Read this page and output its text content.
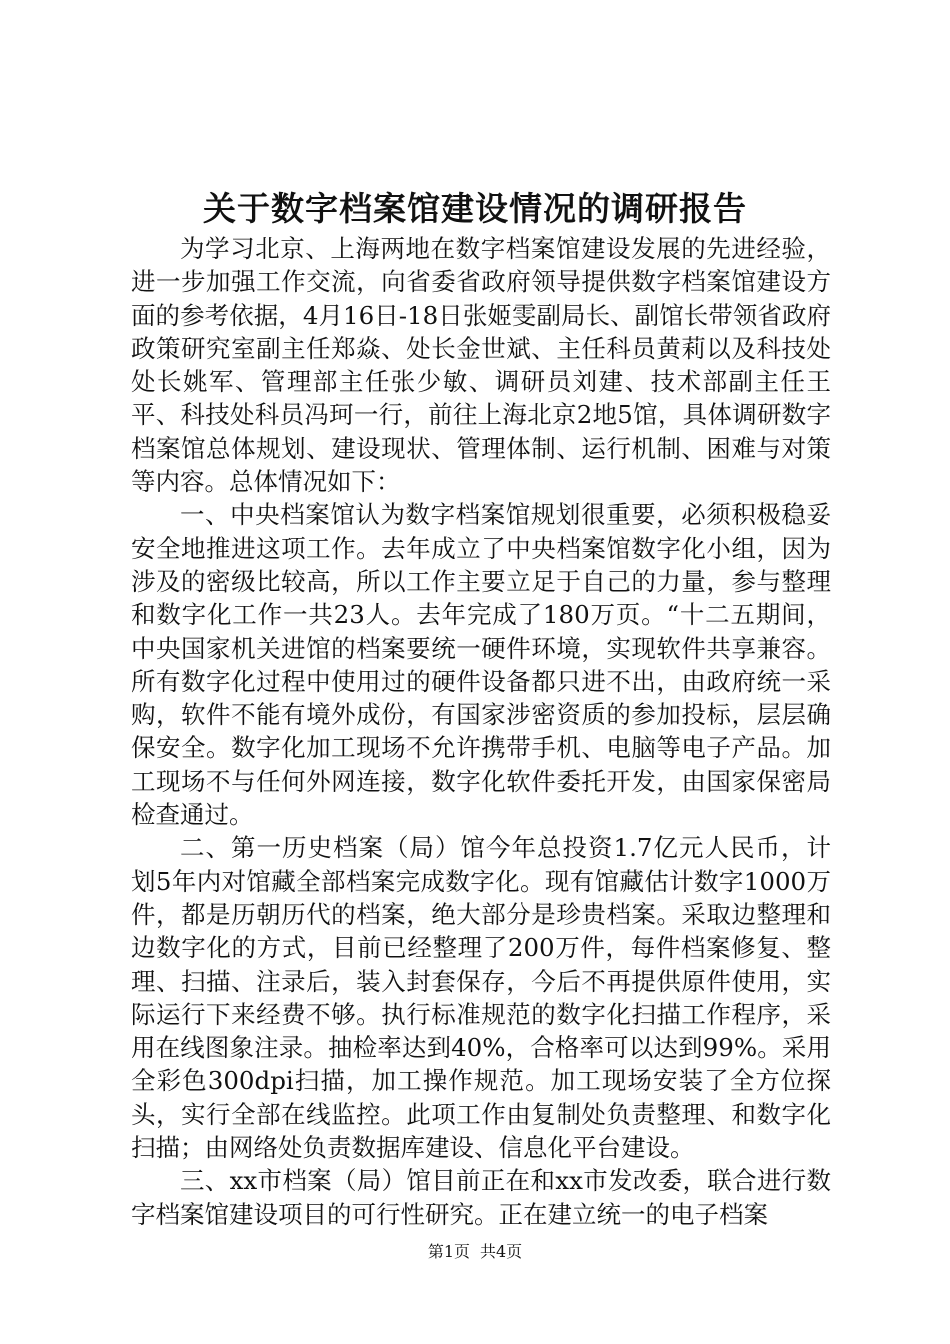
关于数字档案馆建设情况的调研报告

为学习北京、上海两地在数字档案馆建设发展的先进经验，进一步加强工作交流，向省委省政府领导提供数字档案馆建设方面的参考依据，4月16日-18日张姬雯副局长、副馆长带领省政府政策研究室副主任郑焱、处长金世斌、主任科员黄莉以及科技处处长姚军、管理部主任张少敏、调研员刘建、技术部副主任王平、科技处科员冯珂一行，前往上海北京2地5馆，具体调研数字档案馆总体规划、建设现状、管理体制、运行机制、困难与对策等内容。总体情况如下：

一、中央档案馆认为数字档案馆规划很重要，必须积极稳妥安全地推进这项工作。去年成立了中央档案馆数字化小组，因为涉及的密级比较高，所以工作主要立足于自己的力量，参与整理和数字化工作一共23人。去年完成了180万页。“十二五期间，中央国家机关进馆的档案要统一硬件环境，实现软件共享兼容。所有数字化过程中使用过的硬件设备都只进不出，由政府统一采购，软件不能有境外成份，有国家涉密资质的参加投标，层层确保安全。数字化加工现场不允许携带手机、电脑等电子产品。加工现场不与任何外网连接，数字化软件委托开发，由国家保密局检查通过。

二、第一历史档案（局）馆今年总投资1.7亿元人民币，计划5年内对馆藏全部档案完成数字化。现有馆藏估计数字1000万件，都是历朝历代的档案，绝大部分是珍贵档案。采取边整理和边数字化的方式，目前已经整理了200万件，每件档案修复、整理、扫描、注录后，装入封套保存，今后不再提供原件使用，实际运行下来经费不够。执行标准规范的数字化扫描工作程序，采用在线图象注录。抽检率达到40%，合格率可以达到99%。采用全彩色300dpi扫描，加工操作规范。加工现场安装了全方位探头，实行全部在线监控。此项工作由复制处负责整理、和数字化扫描；由网络处负责数据库建设、信息化平台建设。

三、xx市档案（局）馆目前正在和xx市发改委，联合进行数字档案馆建设项目的可行性研究。正在建立统一的电子档案

第1页 共4页
